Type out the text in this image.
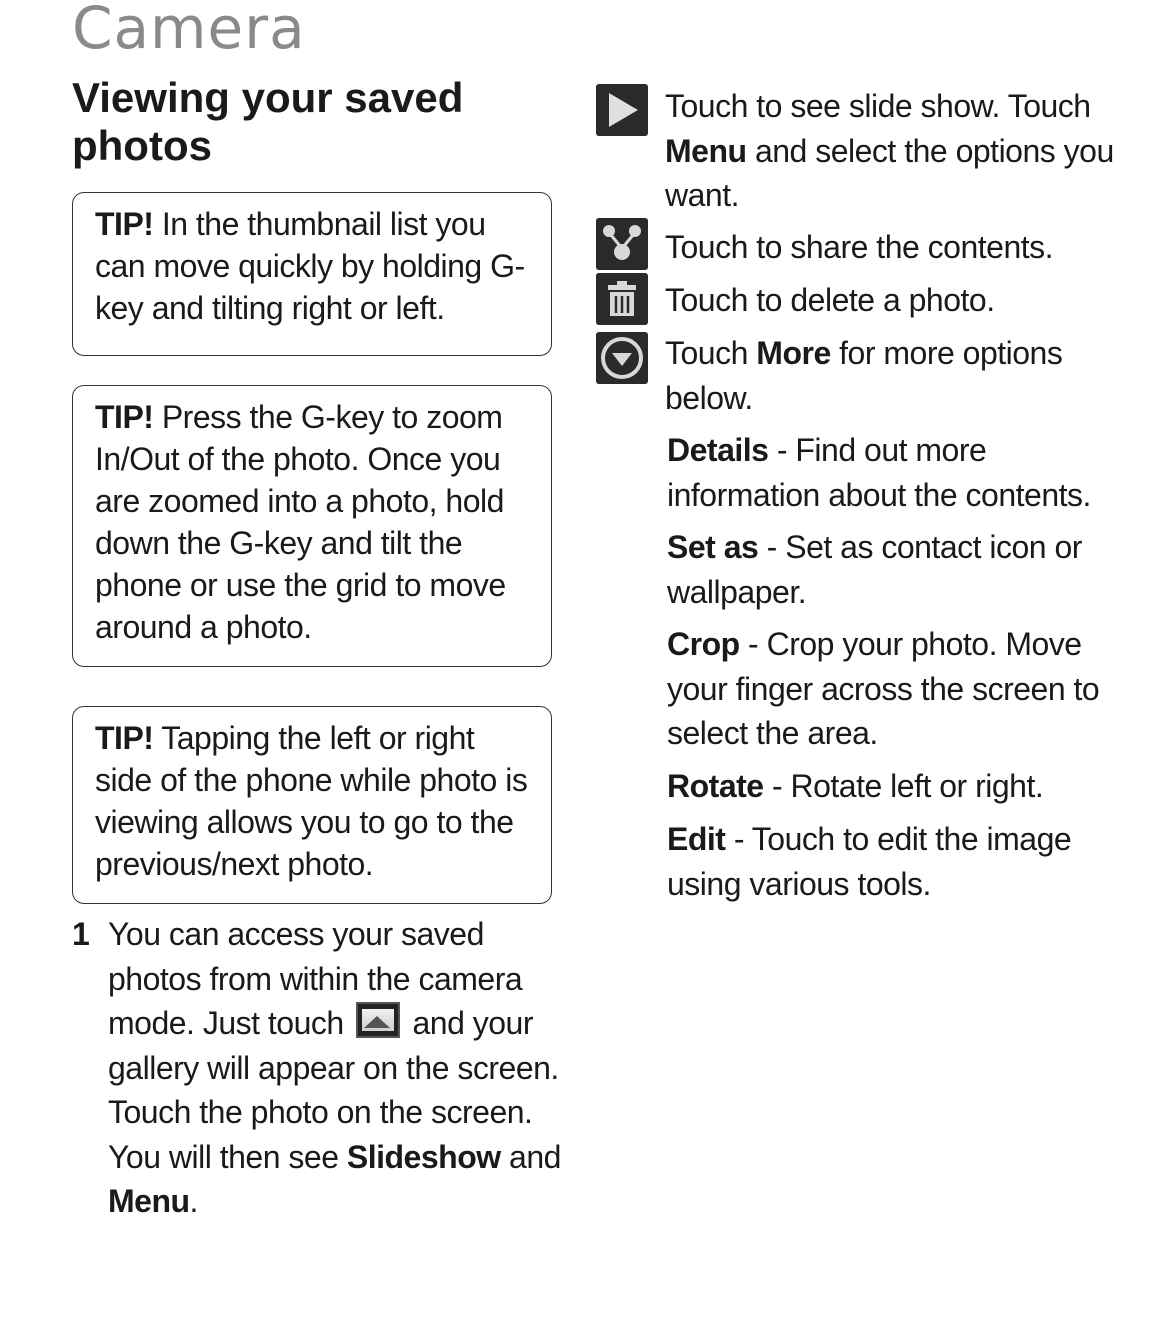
Camera
Viewing your saved photos
TIP! In the thumbnail list you can move quickly by holding G-key and tilting right or left.
TIP! Press the G-key to zoom In/Out of the photo. Once you are zoomed into a photo, hold down the G-key and tilt the phone or use the grid to move around a photo.
TIP! Tapping the left or right side of the phone while photo is viewing allows you to go to the previous/next photo.
1 You can access your saved photos from within the camera mode. Just touch and your gallery will appear on the screen. Touch the photo on the screen. You will then see Slideshow and Menu.
Touch to see slide show. Touch Menu and select the options you want.
Touch to share the contents.
Touch to delete a photo.
Touch More for more options below.
Details - Find out more information about the contents.
Set as - Set as contact icon or wallpaper.
Crop - Crop your photo. Move your finger across the screen to select the area.
Rotate - Rotate left or right.
Edit - Touch to edit the image using various tools.
